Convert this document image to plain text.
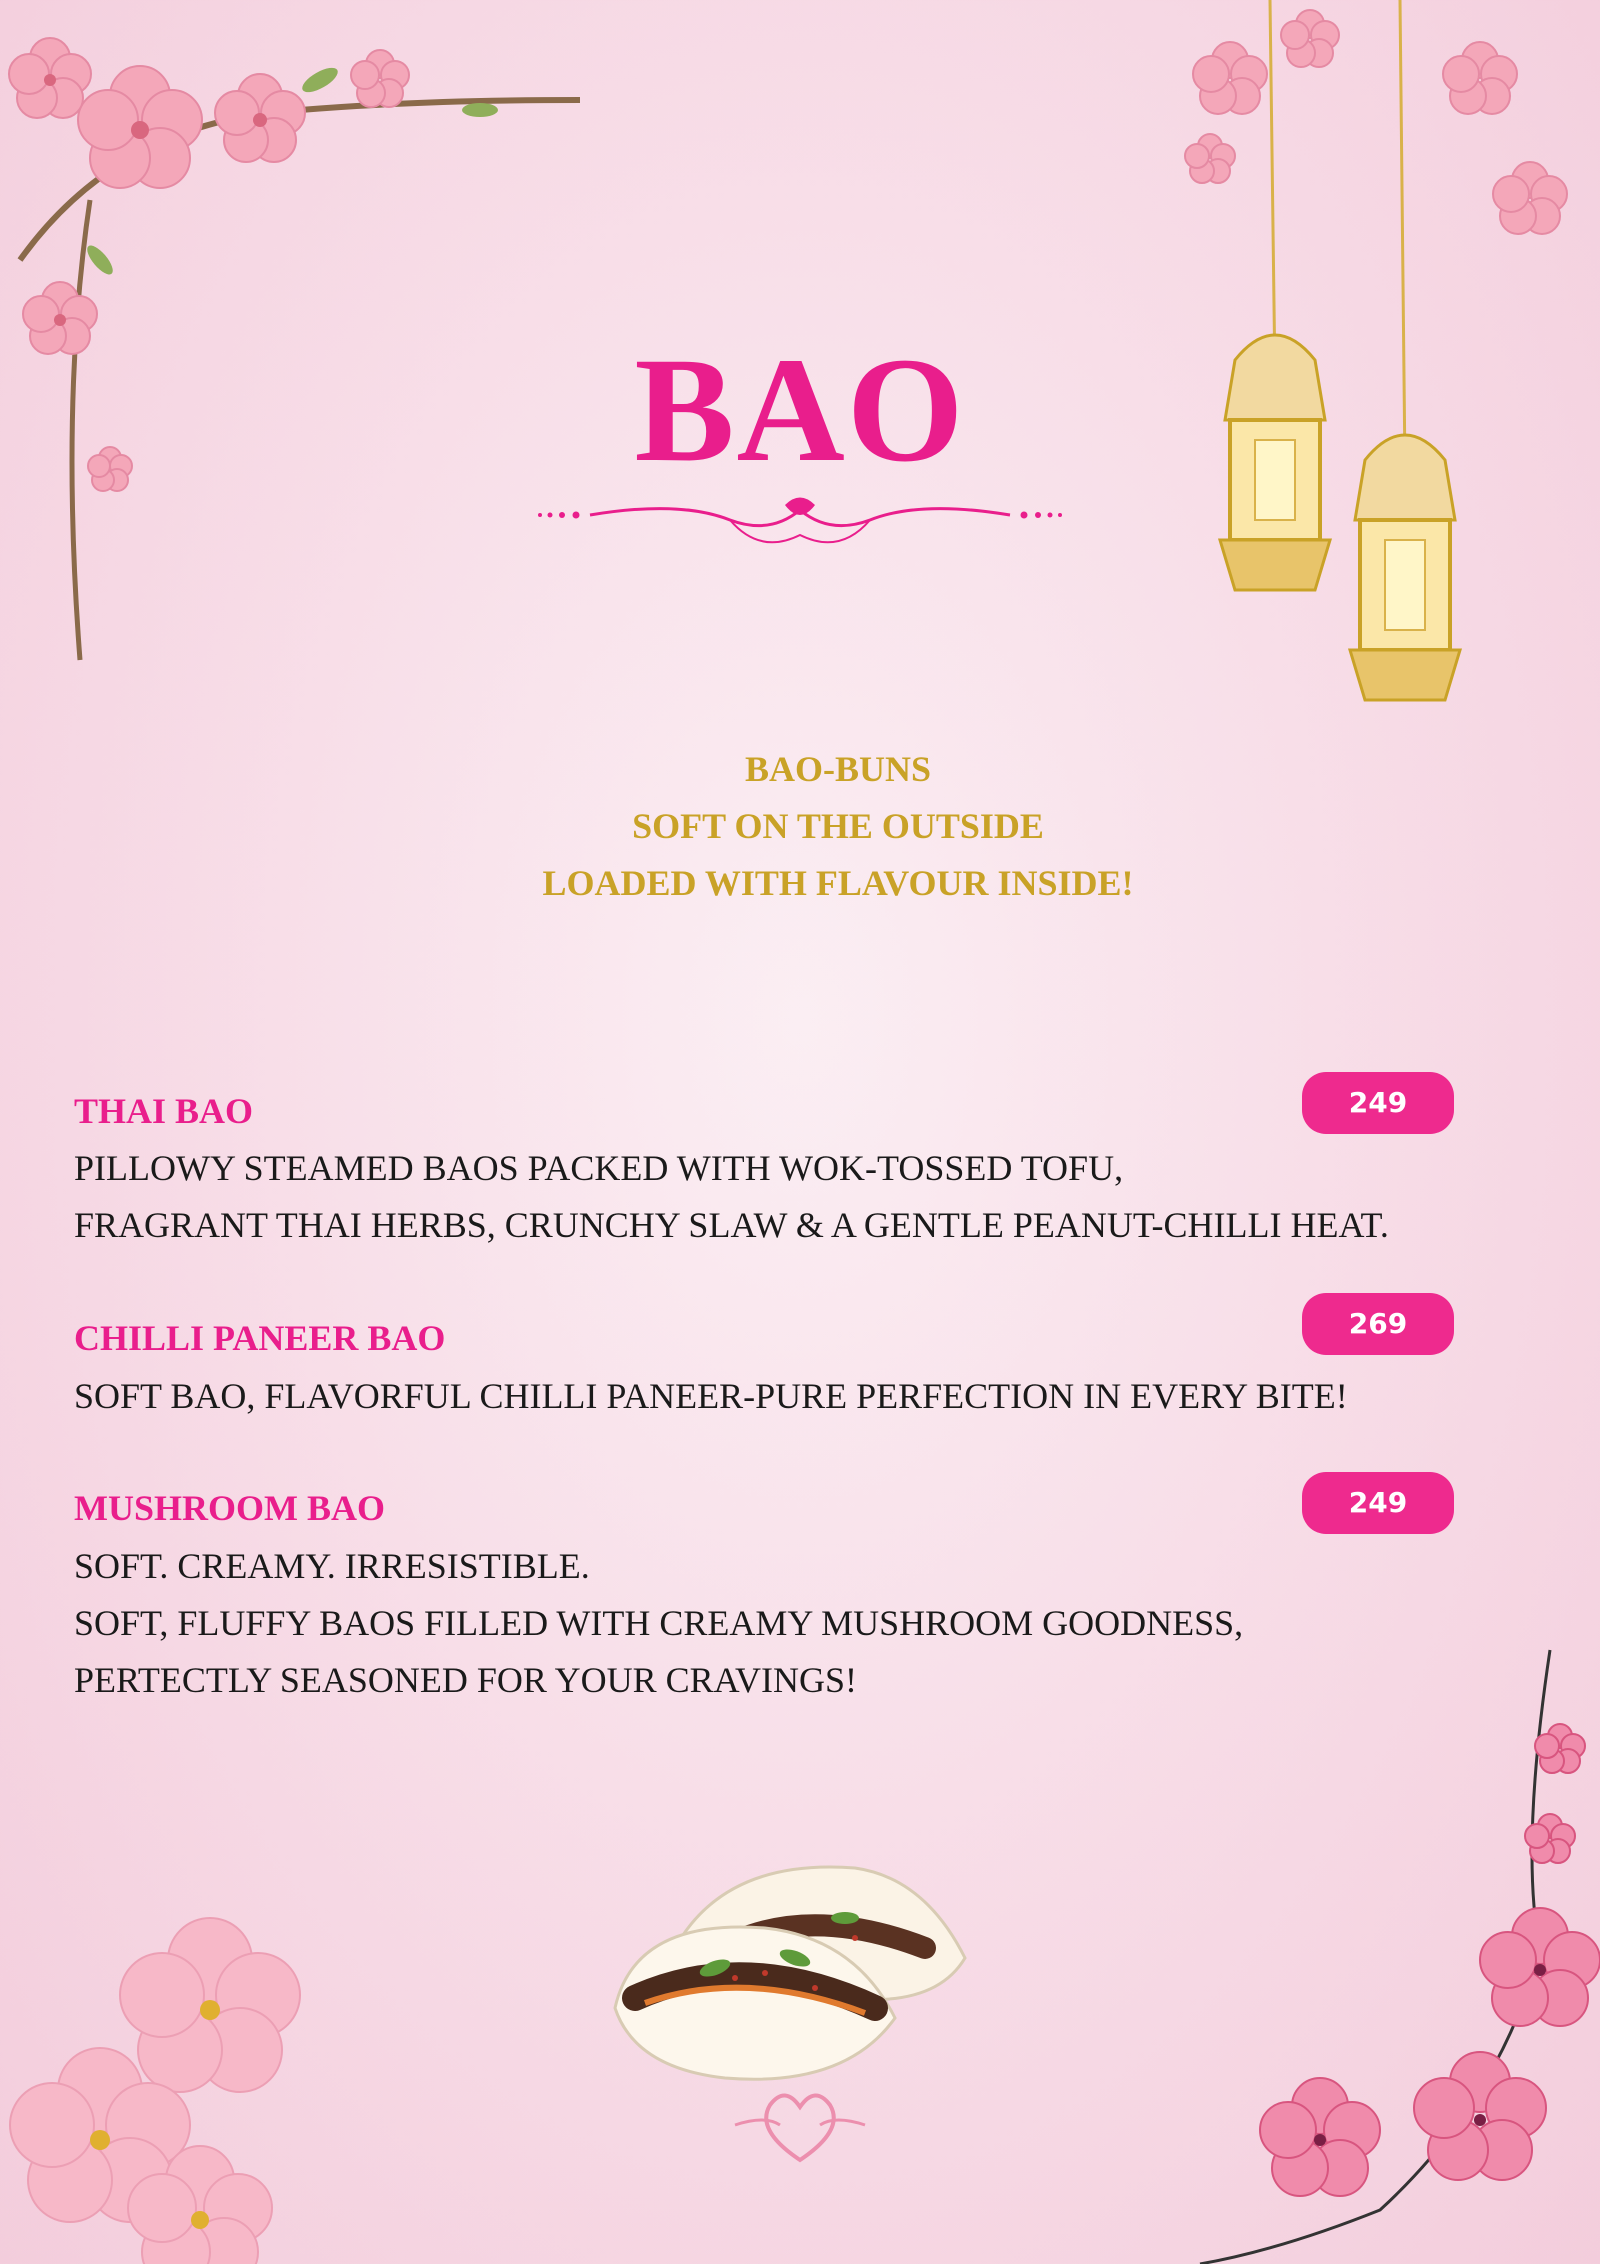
BAO
BAO-BUNS
SOFT ON THE OUTSIDE
LOADED WITH FLAVOUR INSIDE!
THAI BAO	249
PILLOWY STEAMED BAOS PACKED WITH WOK-TOSSED TOFU,
FRAGRANT THAI HERBS, CRUNCHY SLAW & A GENTLE PEANUT-CHILLI HEAT.
CHILLI PANEER BAO	269
SOFT BAO, FLAVORFUL CHILLI PANEER-PURE PERFECTION IN EVERY BITE!
MUSHROOM BAO	249
SOFT. CREAMY. IRRESISTIBLE.
SOFT, FLUFFY BAOS FILLED WITH CREAMY MUSHROOM GOODNESS,
PERTECTLY SEASONED FOR YOUR CRAVINGS!
